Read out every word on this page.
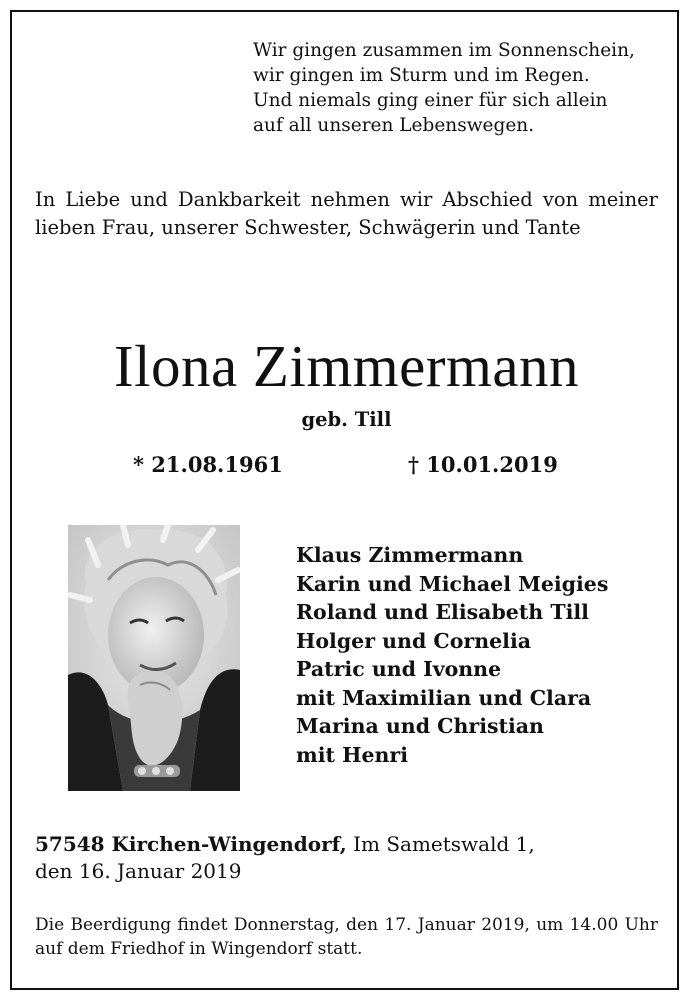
Wir gingen zusammen im Sonnenschein,
wir gingen im Sturm und im Regen.
Und niemals ging einer für sich allein
auf all unseren Lebenswegen.
In Liebe und Dankbarkeit nehmen wir Abschied von meiner lieben Frau, unserer Schwester, Schwägerin und Tante
Ilona Zimmermann
geb. Till
* 21.08.1961	† 10.01.2019
Klaus Zimmermann
Karin und Michael Meigies
Roland und Elisabeth Till
Holger und Cornelia
Patric und Ivonne
mit Maximilian und Clara
Marina und Christian
mit Henri
57548 Kirchen-Wingendorf, Im Sametswald 1,
den 16. Januar 2019
Die Beerdigung findet Donnerstag, den 17. Januar 2019, um 14.00 Uhr auf dem Friedhof in Wingendorf statt.
